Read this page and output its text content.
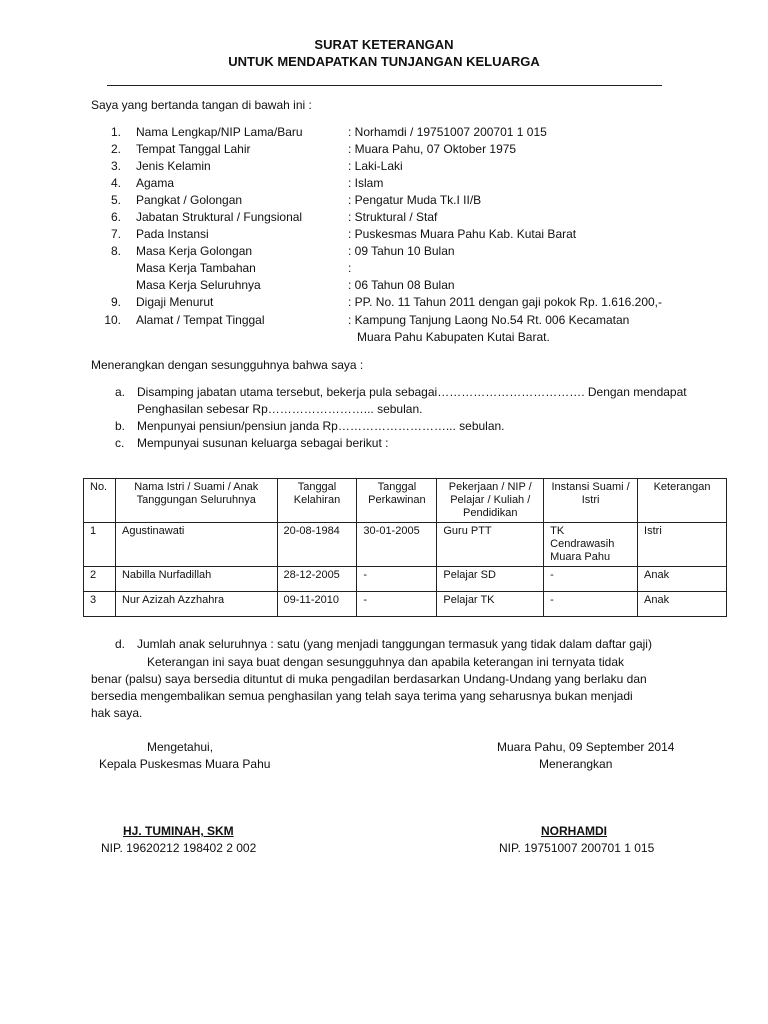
SURAT KETERANGAN
UNTUK MENDAPATKAN TUNJANGAN KELUARGA
Saya yang bertanda tangan di bawah ini :
1. Nama Lengkap/NIP Lama/Baru	: Norhamdi / 19751007 200701 1 015
2. Tempat Tanggal Lahir	: Muara Pahu, 07 Oktober 1975
3. Jenis Kelamin	: Laki-Laki
4. Agama	: Islam
5. Pangkat / Golongan	: Pengatur Muda Tk.I II/B
6. Jabatan Struktural / Fungsional	: Struktural / Staf
7. Pada Instansi	: Puskesmas Muara Pahu Kab. Kutai Barat
8. Masa Kerja Golongan	: 09 Tahun 10 Bulan
Masa Kerja Tambahan	:
Masa Kerja Seluruhnya	: 06 Tahun 08 Bulan
9. Digaji Menurut	: PP. No. 11 Tahun 2011 dengan gaji pokok Rp. 1.616.200,-
10. Alamat / Tempat Tinggal	: Kampung Tanjung Laong No.54 Rt. 006 Kecamatan
Muara Pahu Kabupaten Kutai Barat.
Menerangkan dengan sesungguhnya bahwa saya :
a. Disamping jabatan utama tersebut, bekerja pula sebagai………………………………. Dengan mendapat
Penghasilan sebesar Rp……………………... sebulan.
b. Menpunyai pensiun/pensiun janda Rp………………………... sebulan.
c. Mempunyai susunan keluarga sebagai berikut :
No.	Nama Istri / Suami / Anak Tanggungan Seluruhnya	Tanggal Kelahiran	Tanggal Perkawinan	Pekerjaan / NIP / Pelajar / Kuliah / Pendidikan	Instansi Suami / Istri	Keterangan
1	Agustinawati	20-08-1984	30-01-2005	Guru PTT	TK Cendrawasih Muara Pahu	Istri
2	Nabilla Nurfadillah	28-12-2005	-	Pelajar SD	-	Anak
3	Nur Azizah Azzhahra	09-11-2010	-	Pelajar TK	-	Anak
d. Jumlah anak seluruhnya : satu (yang menjadi tanggungan termasuk yang tidak dalam daftar gaji)
Keterangan ini saya buat dengan sesungguhnya dan apabila keterangan ini ternyata tidak
benar (palsu) saya bersedia dituntut di muka pengadilan berdasarkan Undang-Undang yang berlaku dan
bersedia mengembalikan semua penghasilan yang telah saya terima yang seharusnya bukan menjadi
hak saya.
Mengetahui,
Kepala Puskesmas Muara Pahu
HJ. TUMINAH, SKM
NIP. 19620212 198402 2 002
Muara Pahu, 09 September 2014
Menerangkan
NORHAMDI
NIP. 19751007 200701 1 015
